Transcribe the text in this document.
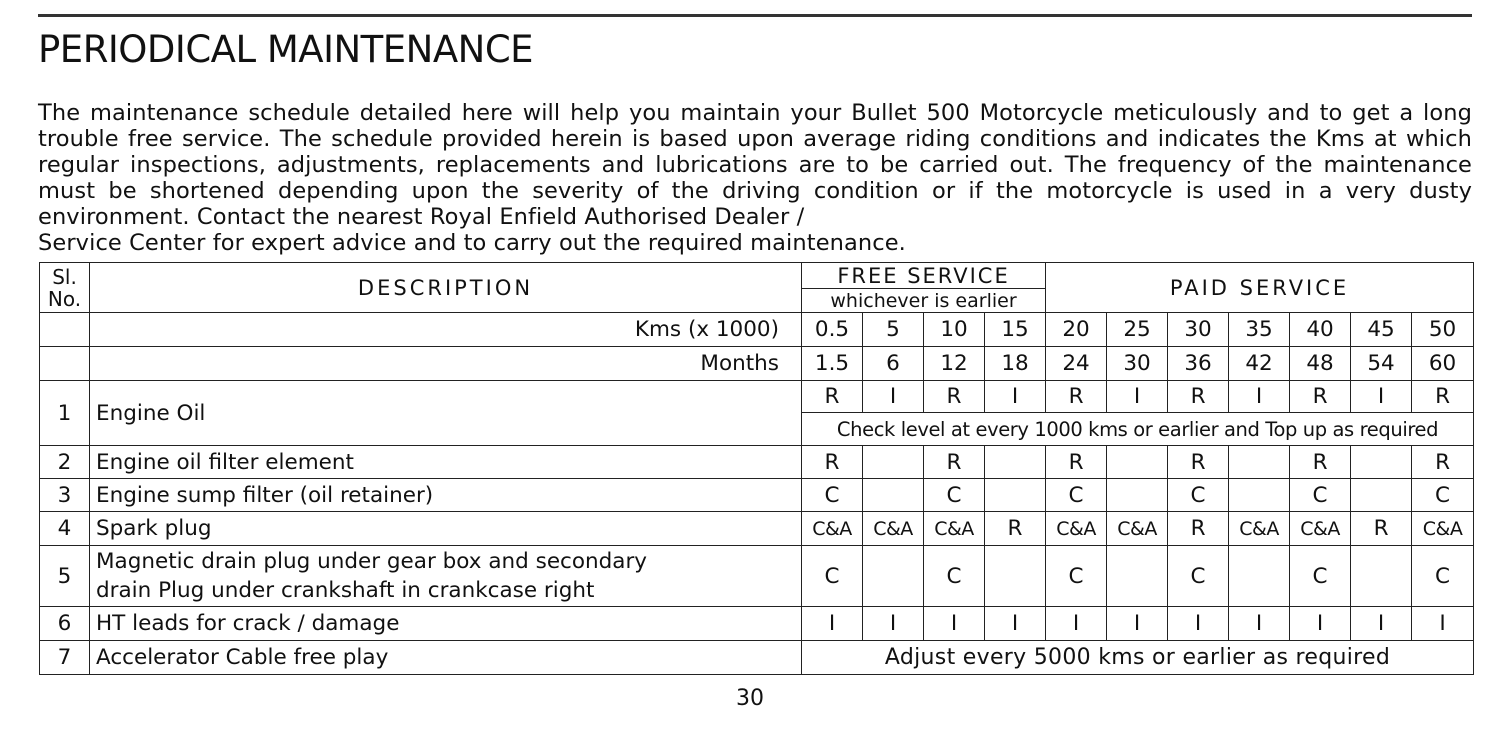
PERIODICAL MAINTENANCE

The maintenance schedule detailed here will help you maintain your Bullet 500 Motorcycle meticulously and to get a long trouble free service. The schedule provided herein is based upon average riding conditions and indicates the Kms at which regular inspections, adjustments, replacements and lubrications are to be carried out. The frequency of the maintenance must be shortened depending upon the severity of the driving condition or if the motorcycle is used in a very dusty environment. Contact the nearest Royal Enfield Authorised Dealer /
Service Center for expert advice and to carry out the required maintenance.

Sl.
No.	DESCRIPTION	FREE SERVICE				PAID SERVICE						
		whichever is earlier										
	Kms (x 1000)	0.5	5	10	15	20	25	30	35	40	45	50
	Months	1.5	6	12	18	24	30	36	42	48	54	60
1	Engine Oil	R	I	R	I	R	I	R	I	R	I	R
		Check level at every 1000 kms or earlier and Top up as required										
2	Engine oil filter element	R		R		R		R		R		R
3	Engine sump filter (oil retainer)	C		C		C		C		C		C
4	Spark plug	C&A	C&A	C&A	R	C&A	C&A	R	C&A	C&A	R	C&A
5	Magnetic drain plug under gear box and secondary
drain Plug under crankshaft in crankcase right	C		C		C		C		C		C
6	HT leads for crack / damage	I	I	I	I	I	I	I	I	I	I	I
7	Accelerator Cable free play	Adjust every 5000 kms or earlier as required										
30
